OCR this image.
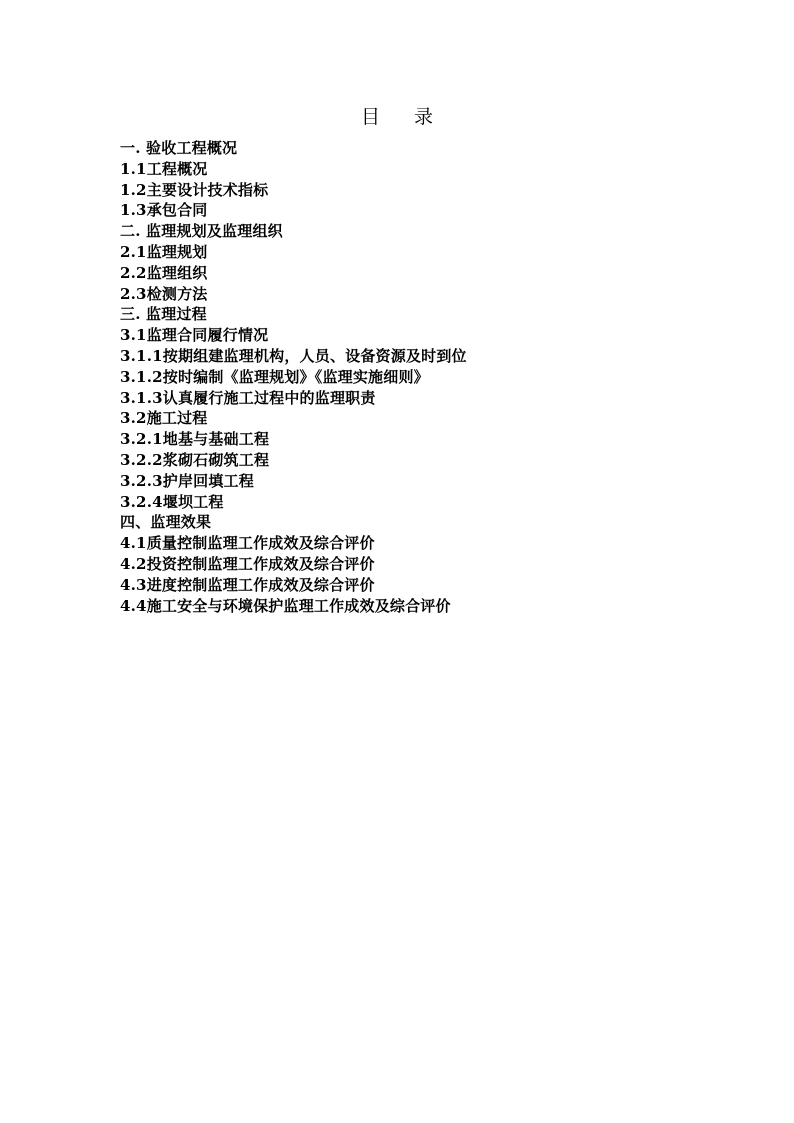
目 录
一. 验收工程概况
1.1工程概况
1.2主要设计技术指标
1.3承包合同
二. 监理规划及监理组织
2.1监理规划
2.2监理组织
2.3检测方法
三. 监理过程
3.1监理合同履行情况
3.1.1按期组建监理机构，人员、设备资源及时到位
3.1.2按时编制《监理规划》《监理实施细则》
3.1.3认真履行施工过程中的监理职责
3.2施工过程
3.2.1地基与基础工程
3.2.2浆砌石砌筑工程
3.2.3护岸回填工程
3.2.4堰坝工程
四、监理效果
4.1质量控制监理工作成效及综合评价
4.2投资控制监理工作成效及综合评价
4.3进度控制监理工作成效及综合评价
4.4施工安全与环境保护监理工作成效及综合评价
